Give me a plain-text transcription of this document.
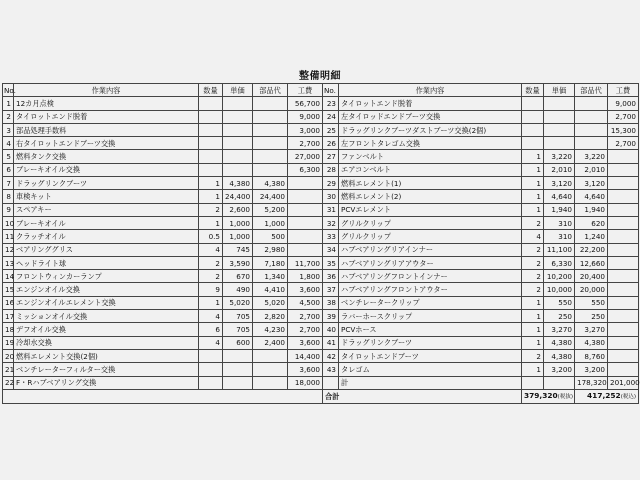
整備明細
No.	作業内容	数量	単価	部品代	工費	No.	作業内容	数量	単価	部品代	工費
1	12カ月点検				56,700	23	タイロットエンド脱着				9,000
2	タイロットエンド脱着				9,000	24	左タイロッドエンドブーツ交換				2,700
3	部品処理手数料				3,000	25	ドラッグリンクブーツダストブーツ交換(2個)				15,300
4	右タイロットエンドブーツ交換				2,700	26	左フロントタレゴム交換				2,700
5	燃料タンク交換				27,000	27	ファンベルト	1	3,220	3,220	
6	ブレーキオイル交換				6,300	28	エアコンベルト	1	2,010	2,010	
7	ドラッグリンクブーツ	1	4,380	4,380		29	燃料エレメント(1)	1	3,120	3,120	
8	車検キット	1	24,400	24,400		30	燃料エレメント(2)	1	4,640	4,640	
9	スペアキー	2	2,600	5,200		31	PCVエレメント	1	1,940	1,940	
10	ブレーキオイル	1	1,000	1,000		32	グリルクリップ	2	310	620	
11	クラッチオイル	0.5	1,000	500		33	グリルクリップ	4	310	1,240	
12	ベアリンググリス	4	745	2,980		34	ハブベアリングリアインナー	2	11,100	22,200	
13	ヘッドライト球	2	3,590	7,180	11,700	35	ハブベアリングリアアウター	2	6,330	12,660	
14	フロントウィンカーランプ	2	670	1,340	1,800	36	ハブベアリングフロントインナー	2	10,200	20,400	
15	エンジンオイル交換	9	490	4,410	3,600	37	ハブベアリングフロントアウター	2	10,000	20,000	
16	エンジンオイルエレメント交換	1	5,020	5,020	4,500	38	ベンチレータークリップ	1	550	550	
17	ミッションオイル交換	4	705	2,820	2,700	39	ラバーホースクリップ	1	250	250	
18	デフオイル交換	6	705	4,230	2,700	40	PCVホース	1	3,270	3,270	
19	冷却水交換	4	600	2,400	3,600	41	ドラッグリンクブーツ	1	4,380	4,380	
20	燃料エレメント交換(2個)				14,400	42	タイロットエンドブーツ	2	4,380	8,760	
21	ベンチレーターフィルター交換				3,600	43	タレゴム	1	3,200	3,200	
22	F・Rハブベアリング交換				18,000		計			178,320	201,000
						合計		379,320(税抜)		417,252(税込)	
